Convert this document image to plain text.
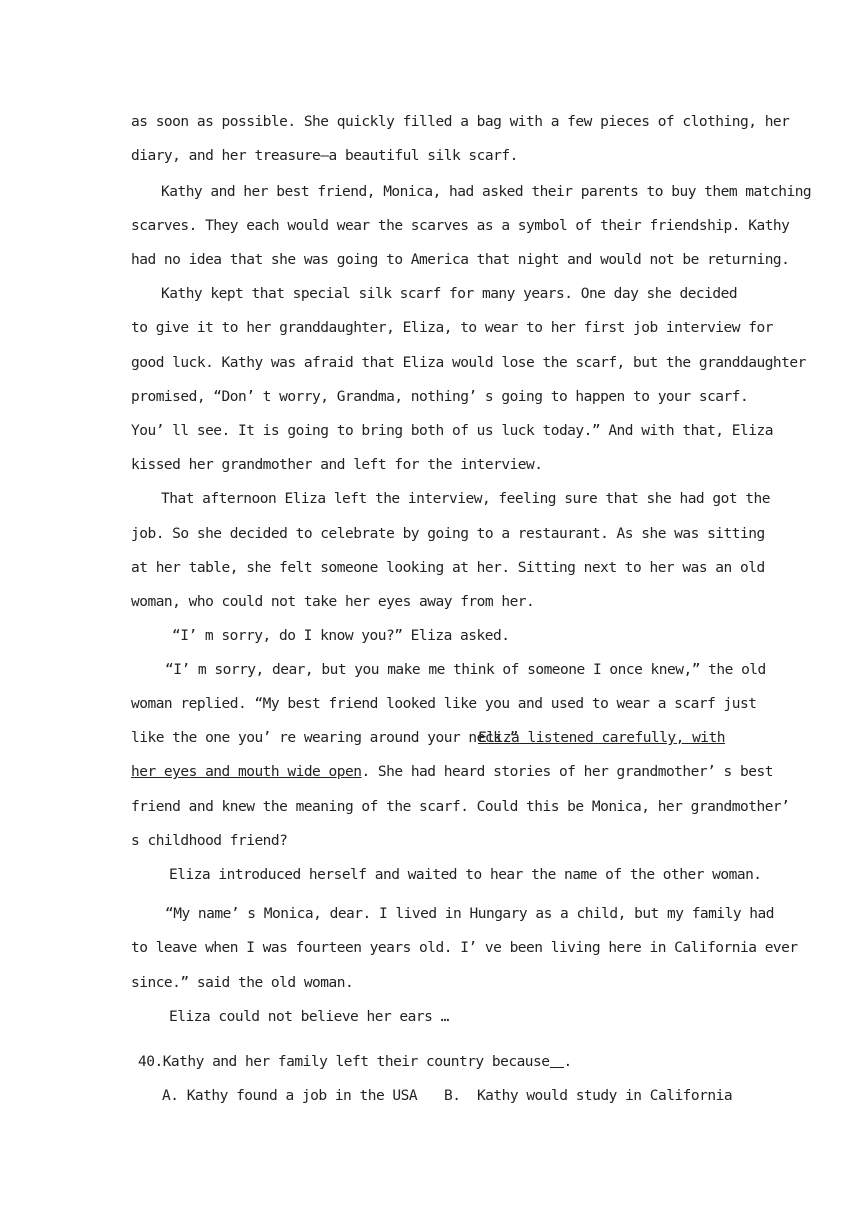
as soon as possible. She quickly filled a bag with a few pieces of clothing, her
diary, and her treasure—a beautiful silk scarf.
Kathy and her best friend, Monica, had asked their parents to buy them matching
scarves. They each would wear the scarves as a symbol of their friendship. Kathy
had no idea that she was going to America that night and would not be returning.
Kathy kept that special silk scarf for many years. One day she decided
to give it to her granddaughter, Eliza, to wear to her first job interview for
good luck. Kathy was afraid that Eliza would lose the scarf, but the granddaughter
promised, “Don’ t worry, Grandma, nothing’ s going to happen to your scarf.
You’ ll see. It is going to bring both of us luck today.” And with that, Eliza
kissed her grandmother and left for the interview.
That afternoon Eliza left the interview, feeling sure that she had got the
job. So she decided to celebrate by going to a restaurant. As she was sitting
at her table, she felt someone looking at her. Sitting next to her was an old
woman, who could not take her eyes away from her.
“I’ m sorry, do I know you?” Eliza asked.
“I’ m sorry, dear, but you make me think of someone I once knew,” the old
woman replied. “My best friend looked like you and used to wear a scarf just
like the one you’ re wearing around your neck.”
Eliza listened carefully, with
her eyes and mouth wide open. She had heard stories of her grandmother’ s best
friend and knew the meaning of the scarf. Could this be Monica, her grandmother’
s childhood friend?
Eliza introduced herself and waited to hear the name of the other woman.
“My name’ s Monica, dear. I lived in Hungary as a child, but my family had
to leave when I was fourteen years old. I’ ve been living here in California ever
since.” said the old woman.
Eliza could not believe her ears …
40.Kathy and her family left their country because .
A. Kathy found a job in the USA	B. Kathy would study in California
